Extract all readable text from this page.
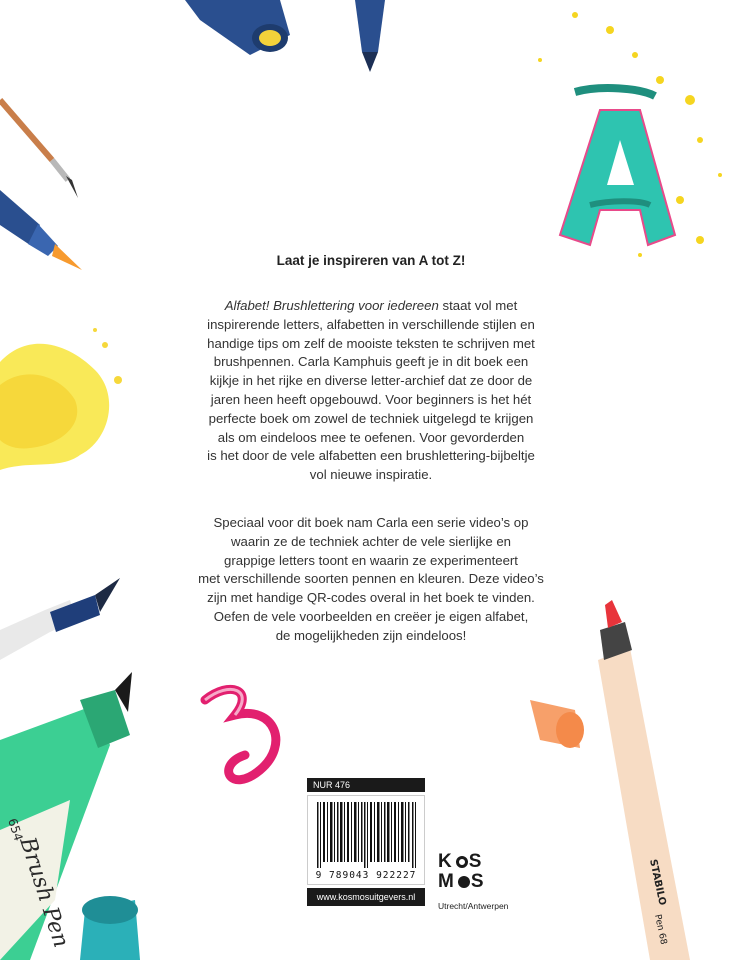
Brush Pen
654
STABILO
Pen 68
Laat je inspireren van A tot Z!
Alfabet! Brushlettering voor iedereen staat vol met
inspirerende letters, alfabetten in verschillende stijlen en
handige tips om zelf de mooiste teksten te schrijven met
brushpennen. Carla Kamphuis geeft je in dit boek een
kijkje in het rijke en diverse letter-archief dat ze door de
jaren heen heeft opgebouwd. Voor beginners is het hét
perfecte boek om zowel de techniek uitgelegd te krijgen
als om eindeloos mee te oefenen. Voor gevorderden
is het door de vele alfabetten een brushlettering-bijbeltje
vol nieuwe inspiratie.
Speciaal voor dit boek nam Carla een serie video’s op
waarin ze de techniek achter de vele sierlijke en
grappige letters toont en waarin ze experimenteert
met verschillende soorten pennen en kleuren. Deze video’s
zijn met handige QR-codes overal in het boek te vinden.
Oefen de vele voorbeelden en creëer je eigen alfabet,
de mogelijkheden zijn eindeloos!
NUR 476
9 789043 922227
www.kosmosuitgevers.nl
K S
M S
Utrecht/Antwerpen
